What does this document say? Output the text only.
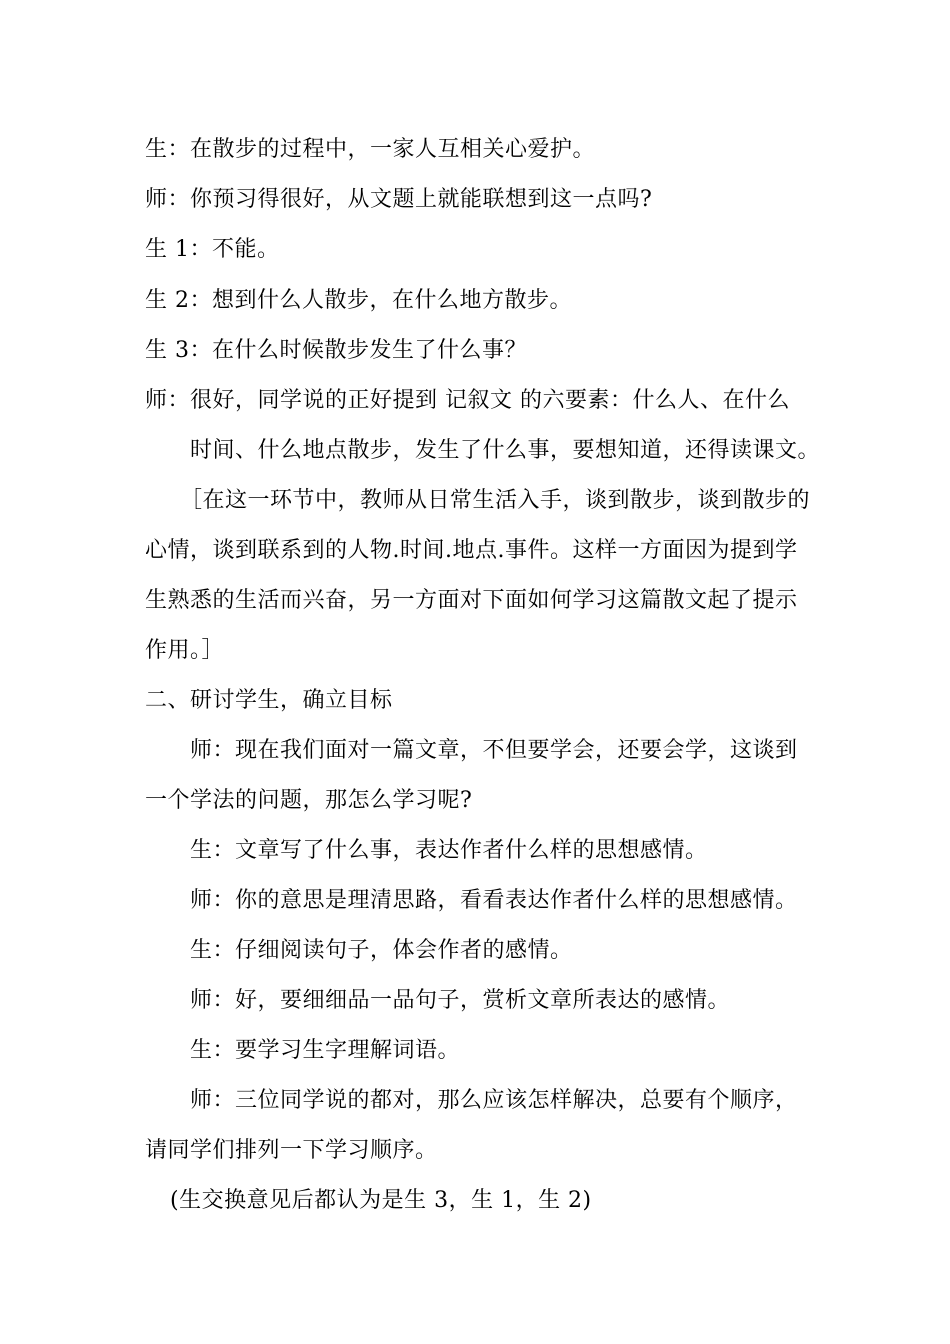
生：在散步的过程中，一家人互相关心爱护。
师：你预习得很好，从文题上就能联想到这一点吗?
生 1：不能。
生 2：想到什么人散步，在什么地方散步。
生 3：在什么时候散步发生了什么事？
师：很好，同学说的正好提到 记叙文 的六要素：什么人、在什么
时间、什么地点散步，发生了什么事，要想知道，还得读课文。
［在这一环节中，教师从日常生活入手，谈到散步，谈到散步的
心情，谈到联系到的人物.时间.地点.事件。这样一方面因为提到学
生熟悉的生活而兴奋，另一方面对下面如何学习这篇散文起了提示
作用。］
二、研讨学生，确立目标
师：现在我们面对一篇文章，不但要学会，还要会学，这谈到
一个学法的问题，那怎么学习呢?
生：文章写了什么事，表达作者什么样的思想感情。
师：你的意思是理清思路，看看表达作者什么样的思想感情。
生：仔细阅读句子，体会作者的感情。
师：好，要细细品一品句子，赏析文章所表达的感情。
生：要学习生字理解词语。
师：三位同学说的都对，那么应该怎样解决，总要有个顺序，
请同学们排列一下学习顺序。
(生交换意见后都认为是生 3，生 1，生 2)
